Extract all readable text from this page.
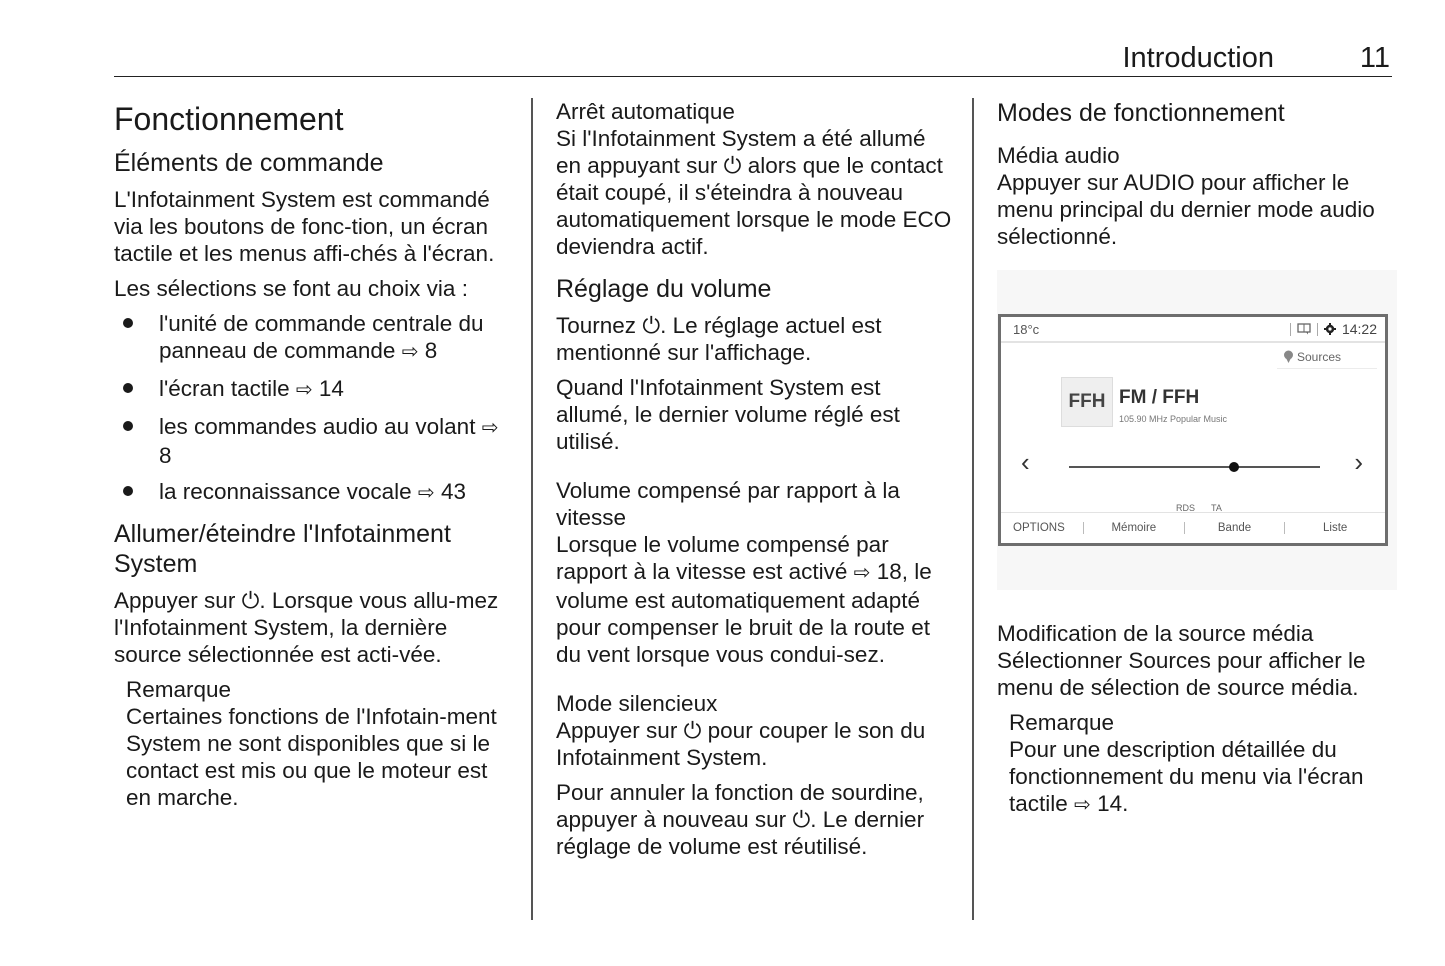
Introduction	11
Fonctionnement
Éléments de commande

L'Infotainment System est commandé via les boutons de fonc-tion, un écran tactile et les menus affi-chés à l'écran.

Les sélections se font au choix via :

l'unité de commande centrale du panneau de commande ⇨ 8
l'écran tactile ⇨ 14
les commandes audio au volant ⇨ 8
la reconnaissance vocale ⇨ 43
Allumer/éteindre l'Infotainment System

Appuyer sur ⏻. Lorsque vous allu-mez l'Infotainment System, la dernière source sélectionnée est acti-vée.

Remarque

Certaines fonctions de l'Infotain-ment System ne sont disponibles que si le contact est mis ou que le moteur est en marche.

Arrêt automatique

Si l'Infotainment System a été allumé en appuyant sur ⏻ alors que le contact était coupé, il s'éteindra à nouveau automatiquement lorsque le mode ECO deviendra actif.

Réglage du volume

Tournez ⏻. Le réglage actuel est mentionné sur l'affichage.

Quand l'Infotainment System est allumé, le dernier volume réglé est utilisé.

Volume compensé par rapport à la vitesse

Lorsque le volume compensé par rapport à la vitesse est activé ⇨ 18, le volume est automatiquement adapté pour compenser le bruit de la route et du vent lorsque vous condui-sez.

Mode silencieux

Appuyer sur ⏻ pour couper le son du Infotainment System.

Pour annuler la fonction de sourdine, appuyer à nouveau sur ⏻. Le dernier réglage de volume est réutilisé.

Modes de fonctionnement
Média audio

Appuyer sur AUDIO pour afficher le menu principal du dernier mode audio sélectionné.

18°c	14:22
Sources
FFH FM / FFH
105.90 MHz Popular Music
‹	›
RDS TA
OPTIONS	Mémoire	Bande	Liste
Modification de la source média

Sélectionner Sources pour afficher le menu de sélection de source média.

Remarque

Pour une description détaillée du fonctionnement du menu via l'écran tactile ⇨ 14.
